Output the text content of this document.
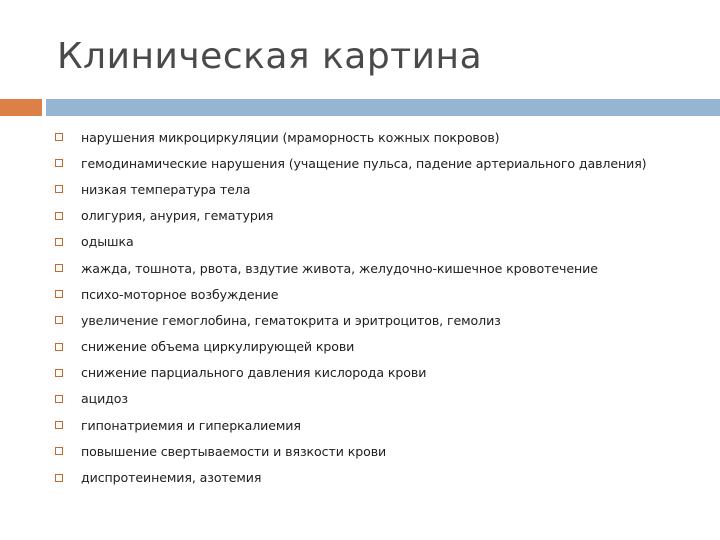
Клиническая картина
нарушения микроциркуляции (мраморность кожных покровов)
гемодинамические нарушения (учащение пульса, падение артериального давления)
низкая температура тела
олигурия, анурия, гематурия
одышка
жажда, тошнота, рвота, вздутие живота, желудочно-кишечное кровотечение
психо-моторное возбуждение
увеличение гемоглобина, гематокрита и эритроцитов, гемолиз
снижение объема циркулирующей крови
снижение парциального давления кислорода крови
ацидоз
гипонатриемия и гиперкалиемия
повышение свертываемости и вязкости крови
диспротеинемия, азотемия
